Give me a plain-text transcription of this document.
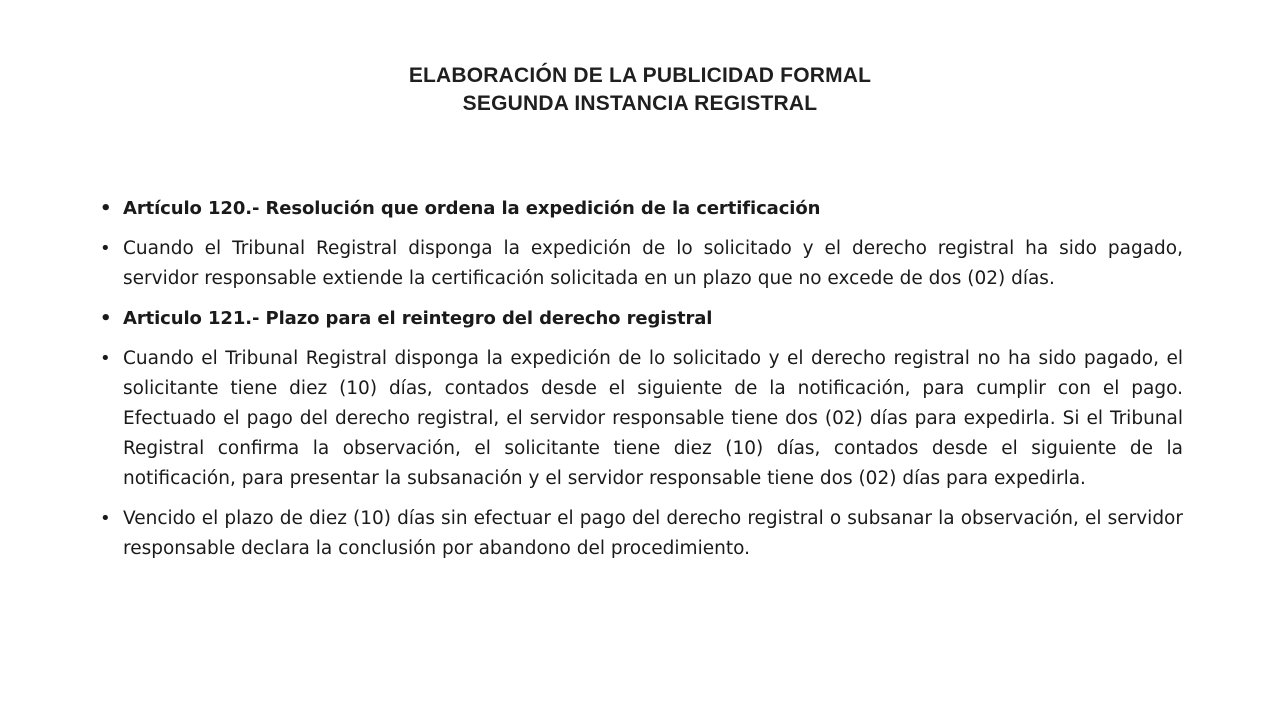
ELABORACIÓN DE LA PUBLICIDAD FORMAL
SEGUNDA INSTANCIA REGISTRAL
• Artículo 120.- Resolución que ordena la expedición de la certificación
• Cuando el Tribunal Registral disponga la expedición de lo solicitado y el derecho registral ha sido pagado, servidor responsable extiende la certificación solicitada en un plazo que no excede de dos (02) días.
• Articulo 121.- Plazo para el reintegro del derecho registral
• Cuando el Tribunal Registral disponga la expedición de lo solicitado y el derecho registral no ha sido pagado, el solicitante tiene diez (10) días, contados desde el siguiente de la notificación, para cumplir con el pago. Efectuado el pago del derecho registral, el servidor responsable tiene dos (02) días para expedirla. Si el Tribunal Registral confirma la observación, el solicitante tiene diez (10) días, contados desde el siguiente de la notificación, para presentar la subsanación y el servidor responsable tiene dos (02) días para expedirla.
• Vencido el plazo de diez (10) días sin efectuar el pago del derecho registral o subsanar la observación, el servidor responsable declara la conclusión por abandono del procedimiento.
